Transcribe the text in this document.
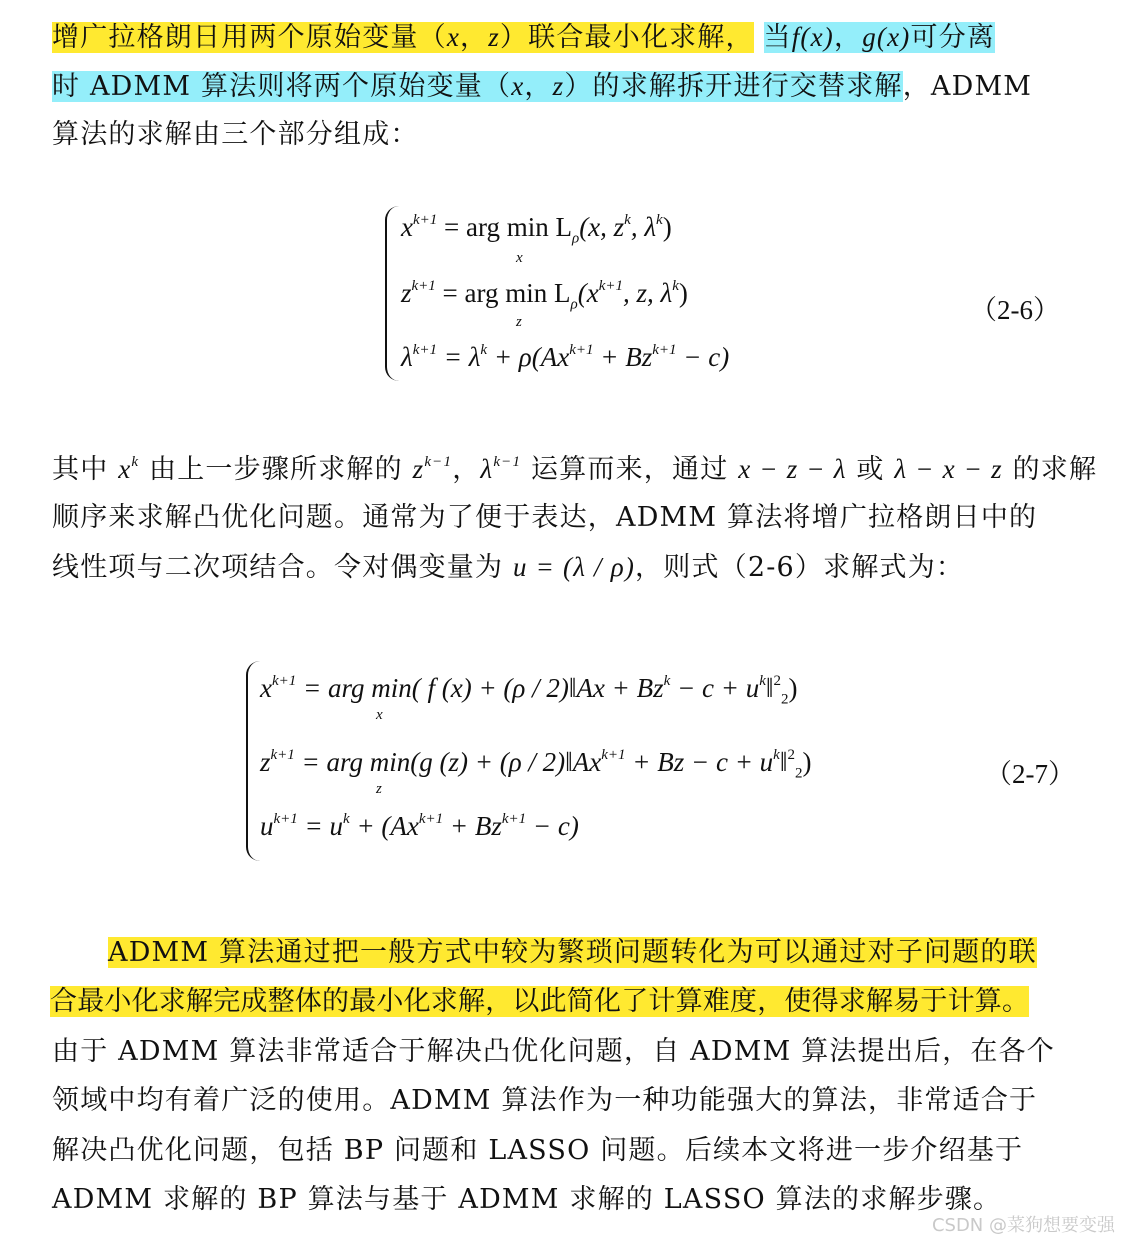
增广拉格朗日用两个原始变量（x，z）联合最小化求解， 当f(x)，g(x)可分离
时 ADMM 算法则将两个原始变量（x，z）的求解拆开进行交替求解，ADMM
算法的求解由三个部分组成：
$x^{k+1}$ = arg $\min L_\rho(x$, $z^k$, $\lambda^k$)
x
$z^{k+1}$ = arg $\min L_\rho(x^{k+1}$, z, $\lambda^k$)
z
$\lambda^{k+1} = \lambda^k + \rho(Ax^{k+1} + Bz^{k+1} - c)$
（2-6）
其中 $x^k$ 由上一步骤所求解的 $z^{k-1}$，$\lambda^{k-1}$ 运算而来，通过 x − z − λ 或 λ − x − z 的求解
顺序来求解凸优化问题。通常为了便于表达，ADMM 算法将增广拉格朗日中的
线性项与二次项结合。令对偶变量为 u = (λ / ρ)，则式（2-6）求解式为：
$x^{k+1}$ = arg min( f (x) + (ρ / 2)‖Ax + $Bz^k - c$ + $u^k‖^2_2$)
x
$z^{k+1}$ = arg min(g $(z) + (\rho / 2)‖Ax^{k+1} + Bz - c$ + $u^k‖^2_2$)
z
$u^{k+1} = u^k + (Ax^{k+1} + Bz^{k+1} - c)$
（2-7）
ADMM 算法通过把一般方式中较为繁琐问题转化为可以通过对子问题的联
合最小化求解完成整体的最小化求解，以此简化了计算难度，使得求解易于计算。
由于 ADMM 算法非常适合于解决凸优化问题，自 ADMM 算法提出后，在各个
领域中均有着广泛的使用。ADMM 算法作为一种功能强大的算法，非常适合于
解决凸优化问题，包括 BP 问题和 LASSO 问题。后续本文将进一步介绍基于
ADMM 求解的 BP 算法与基于 ADMM 求解的 LASSO 算法的求解步骤。
CSDN @菜狗想要变强
